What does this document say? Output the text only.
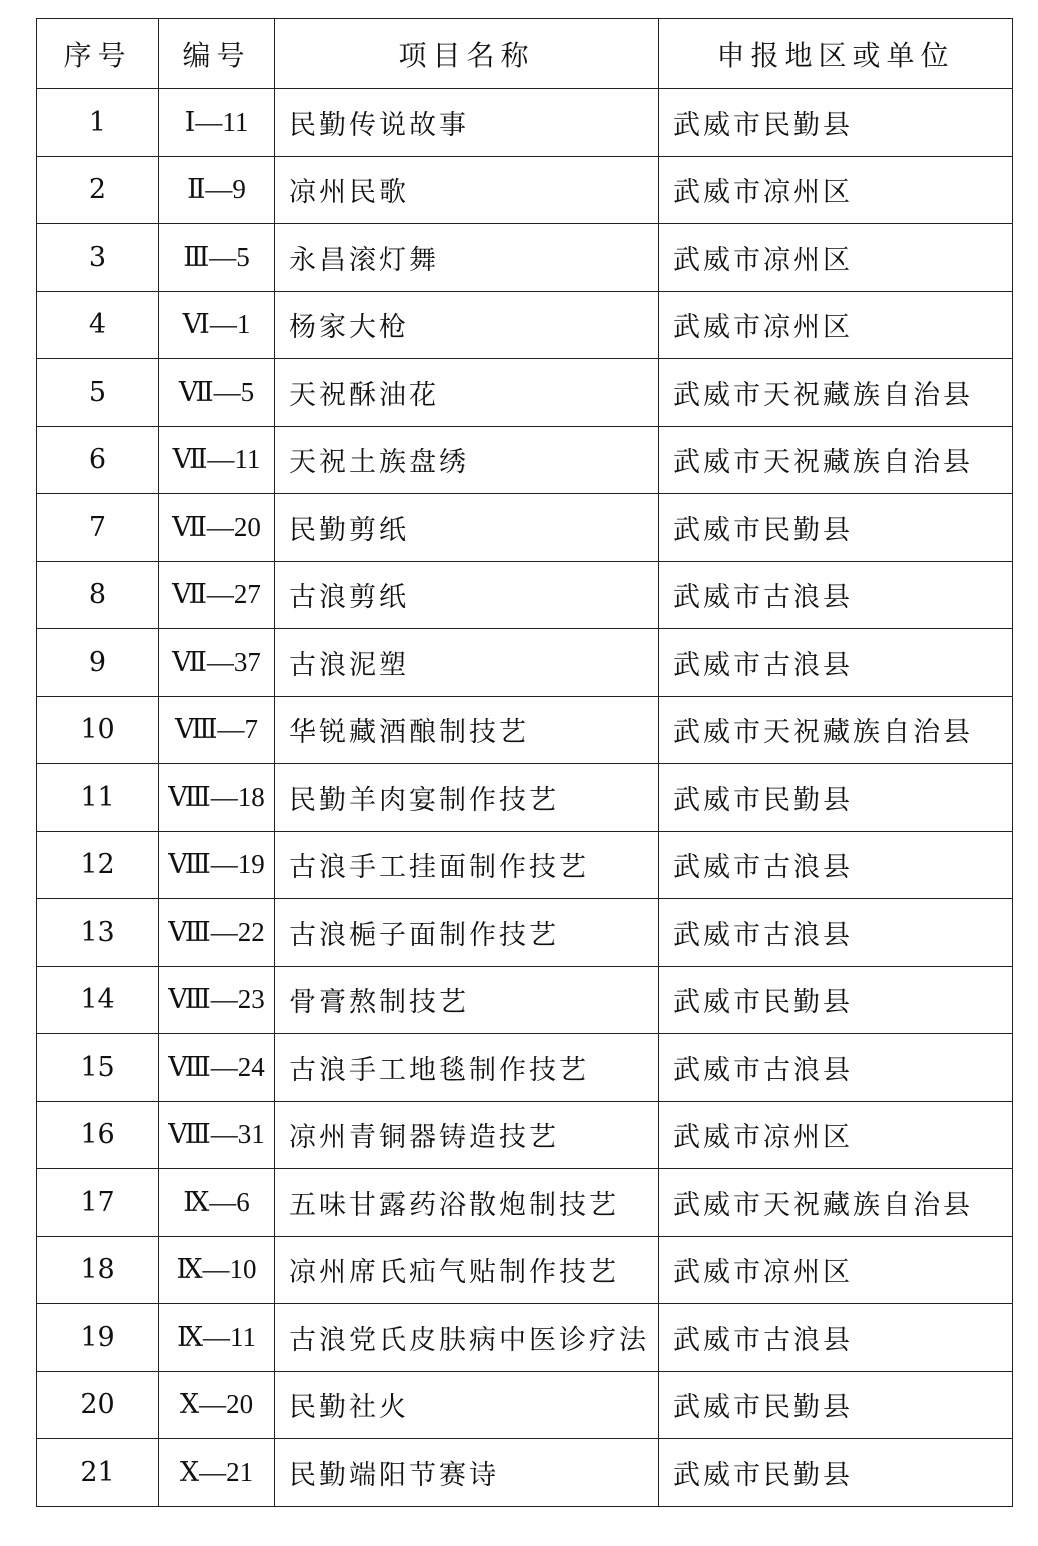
序号	编号	项目名称	申报地区或单位
1	Ⅰ—11	民勤传说故事	武威市民勤县
2	Ⅱ—9	凉州民歌	武威市凉州区
3	Ⅲ—5	永昌滚灯舞	武威市凉州区
4	Ⅵ—1	杨家大枪	武威市凉州区
5	Ⅶ—5	天祝酥油花	武威市天祝藏族自治县
6	Ⅶ—11	天祝土族盘绣	武威市天祝藏族自治县
7	Ⅶ—20	民勤剪纸	武威市民勤县
8	Ⅶ—27	古浪剪纸	武威市古浪县
9	Ⅶ—37	古浪泥塑	武威市古浪县
10	Ⅷ—7	华锐藏酒酿制技艺	武威市天祝藏族自治县
11	Ⅷ—18	民勤羊肉宴制作技艺	武威市民勤县
12	Ⅷ—19	古浪手工挂面制作技艺	武威市古浪县
13	Ⅷ—22	古浪梔子面制作技艺	武威市古浪县
14	Ⅷ—23	骨膏熬制技艺	武威市民勤县
15	Ⅷ—24	古浪手工地毯制作技艺	武威市古浪县
16	Ⅷ—31	凉州青铜器铸造技艺	武威市凉州区
17	Ⅸ—6	五味甘露药浴散炮制技艺	武威市天祝藏族自治县
18	Ⅸ—10	凉州席氏疝气贴制作技艺	武威市凉州区
19	Ⅸ—11	古浪党氏皮肤病中医诊疗法	武威市古浪县
20	Ⅹ—20	民勤社火	武威市民勤县
21	Ⅹ—21	民勤端阳节赛诗	武威市民勤县
